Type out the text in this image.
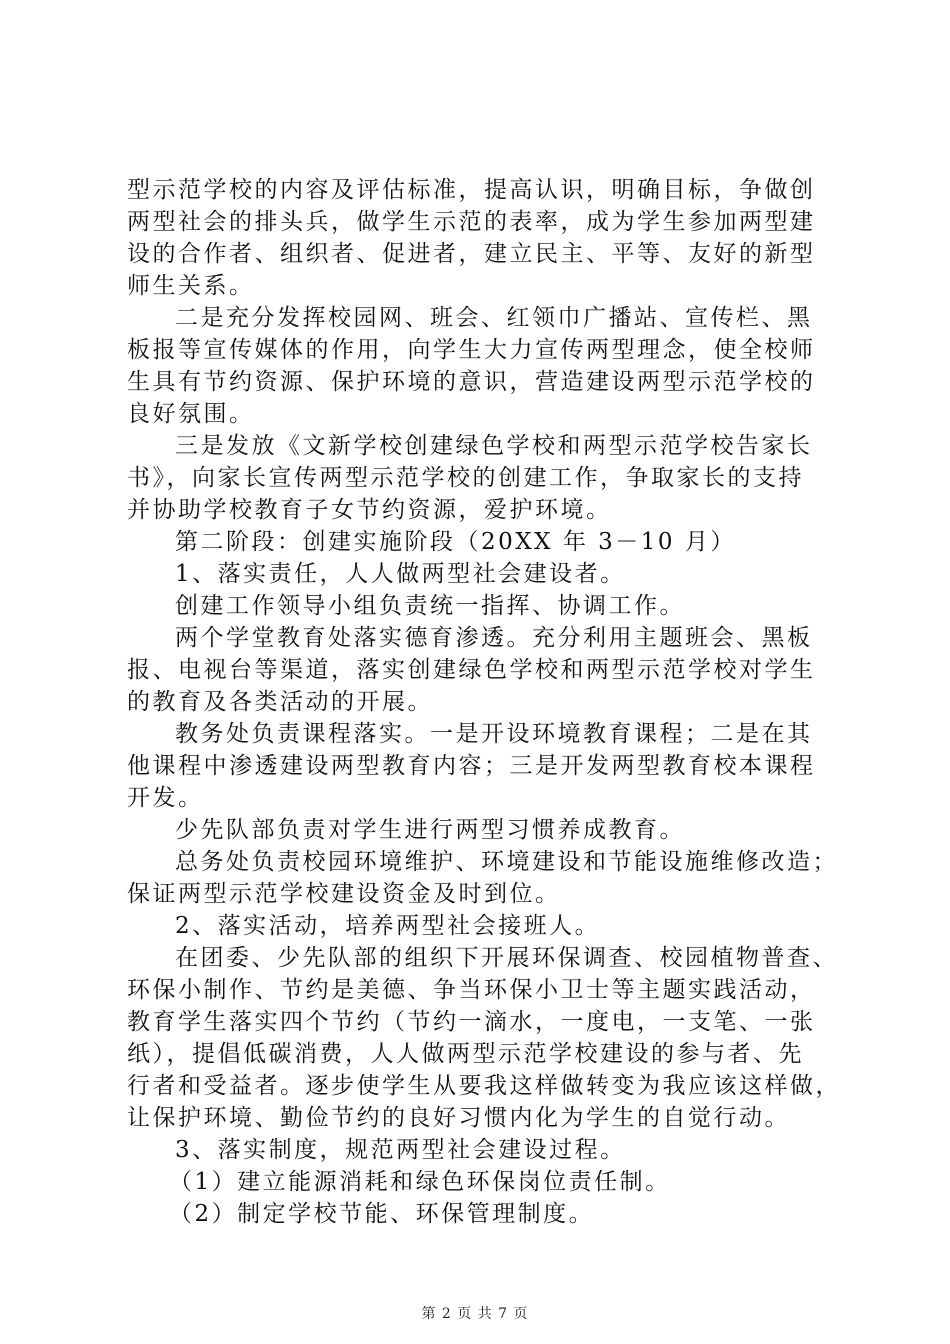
型示范学校的内容及评估标准，提高认识，明确目标，争做创
两型社会的排头兵，做学生示范的表率，成为学生参加两型建
设的合作者、组织者、促进者，建立民主、平等、友好的新型
师生关系。
二是充分发挥校园网、班会、红领巾广播站、宣传栏、黑
板报等宣传媒体的作用，向学生大力宣传两型理念，使全校师
生具有节约资源、保护环境的意识，营造建设两型示范学校的
良好氛围。
三是发放《文新学校创建绿色学校和两型示范学校告家长
书》，向家长宣传两型示范学校的创建工作，争取家长的支持
并协助学校教育子女节约资源，爱护环境。
第二阶段：创建实施阶段（20XX 年 3－10 月）
1、落实责任，人人做两型社会建设者。
创建工作领导小组负责统一指挥、协调工作。
两个学堂教育处落实德育渗透。充分利用主题班会、黑板
报、电视台等渠道，落实创建绿色学校和两型示范学校对学生
的教育及各类活动的开展。
教务处负责课程落实。一是开设环境教育课程；二是在其
他课程中渗透建设两型教育内容；三是开发两型教育校本课程
开发。
少先队部负责对学生进行两型习惯养成教育。
总务处负责校园环境维护、环境建设和节能设施维修改造；
保证两型示范学校建设资金及时到位。
2、落实活动，培养两型社会接班人。
在团委、少先队部的组织下开展环保调查、校园植物普查、
环保小制作、节约是美德、争当环保小卫士等主题实践活动，
教育学生落实四个节约（节约一滴水，一度电，一支笔、一张
纸），提倡低碳消费，人人做两型示范学校建设的参与者、先
行者和受益者。逐步使学生从要我这样做转变为我应该这样做，
让保护环境、勤俭节约的良好习惯内化为学生的自觉行动。
3、落实制度，规范两型社会建设过程。
（1）建立能源消耗和绿色环保岗位责任制。
（2）制定学校节能、环保管理制度。
第 2 页 共 7 页
